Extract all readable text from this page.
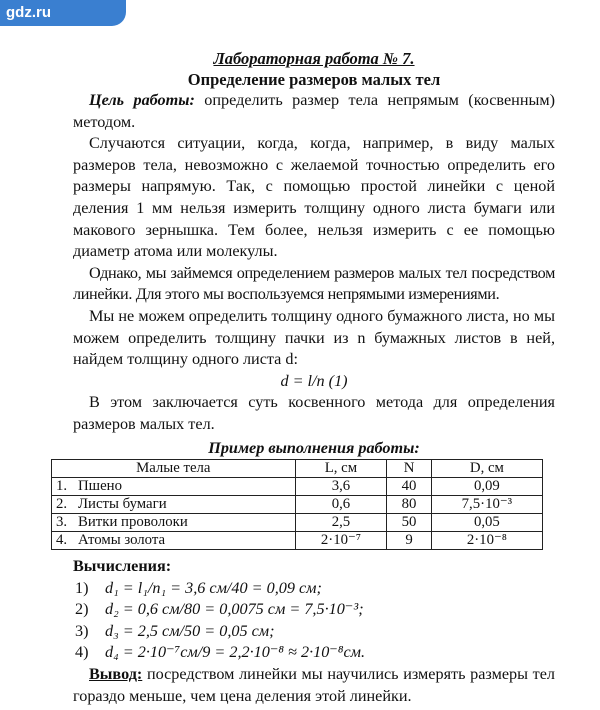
gdz.ru
Лабораторная работа № 7.
Определение размеров малых тел

Цель работы: определить размер тела непрямым (косвенным) методом.

Случаются ситуации, когда, когда, например, в виду малых размеров тела, невозможно с желаемой точностью определить его размеры напрямую. Так, с помощью простой линейки с ценой деления 1 мм нельзя измерить толщину одного листа бумаги или макового зернышка. Тем более, нельзя измерить с ее помощью диаметр атома или молекулы.

Однако, мы займемся определением размеров малых тел посредством линейки. Для этого мы воспользуемся непрямыми измерениями.

Мы не можем определить толщину одного бумажного листа, но мы можем определить толщину пачки из n бумажных листов в ней, найдем толщину одного листа d:

d = l/n (1)

В этом заключается суть косвенного метода для определения размеров малых тел.

Пример выполнения работы:
Малые тела		L, см	N	D, см
1.	Пшено	3,6	40	0,09
2.	Листы бумаги	0,6	80	7,5·10⁻³
3.	Витки проволоки	2,5	50	0,05
4.	Атомы золота	2·10⁻⁷	9	2·10⁻⁸
Вычисления:
1) d₁ = l₁/n₁ = 3,6 см/40 = 0,09 см;
2) d₂ = 0,6 см/80 = 0,0075 см = 7,5·10⁻³;
3) d₃ = 2,5 см/50 = 0,05 см;
4) d₄ = 2·10⁻⁷см/9 = 2,2·10⁻⁸ ≈ 2·10⁻⁸см.

Вывод: посредством линейки мы научились измерять размеры тел гораздо меньше, чем цена деления этой линейки.
